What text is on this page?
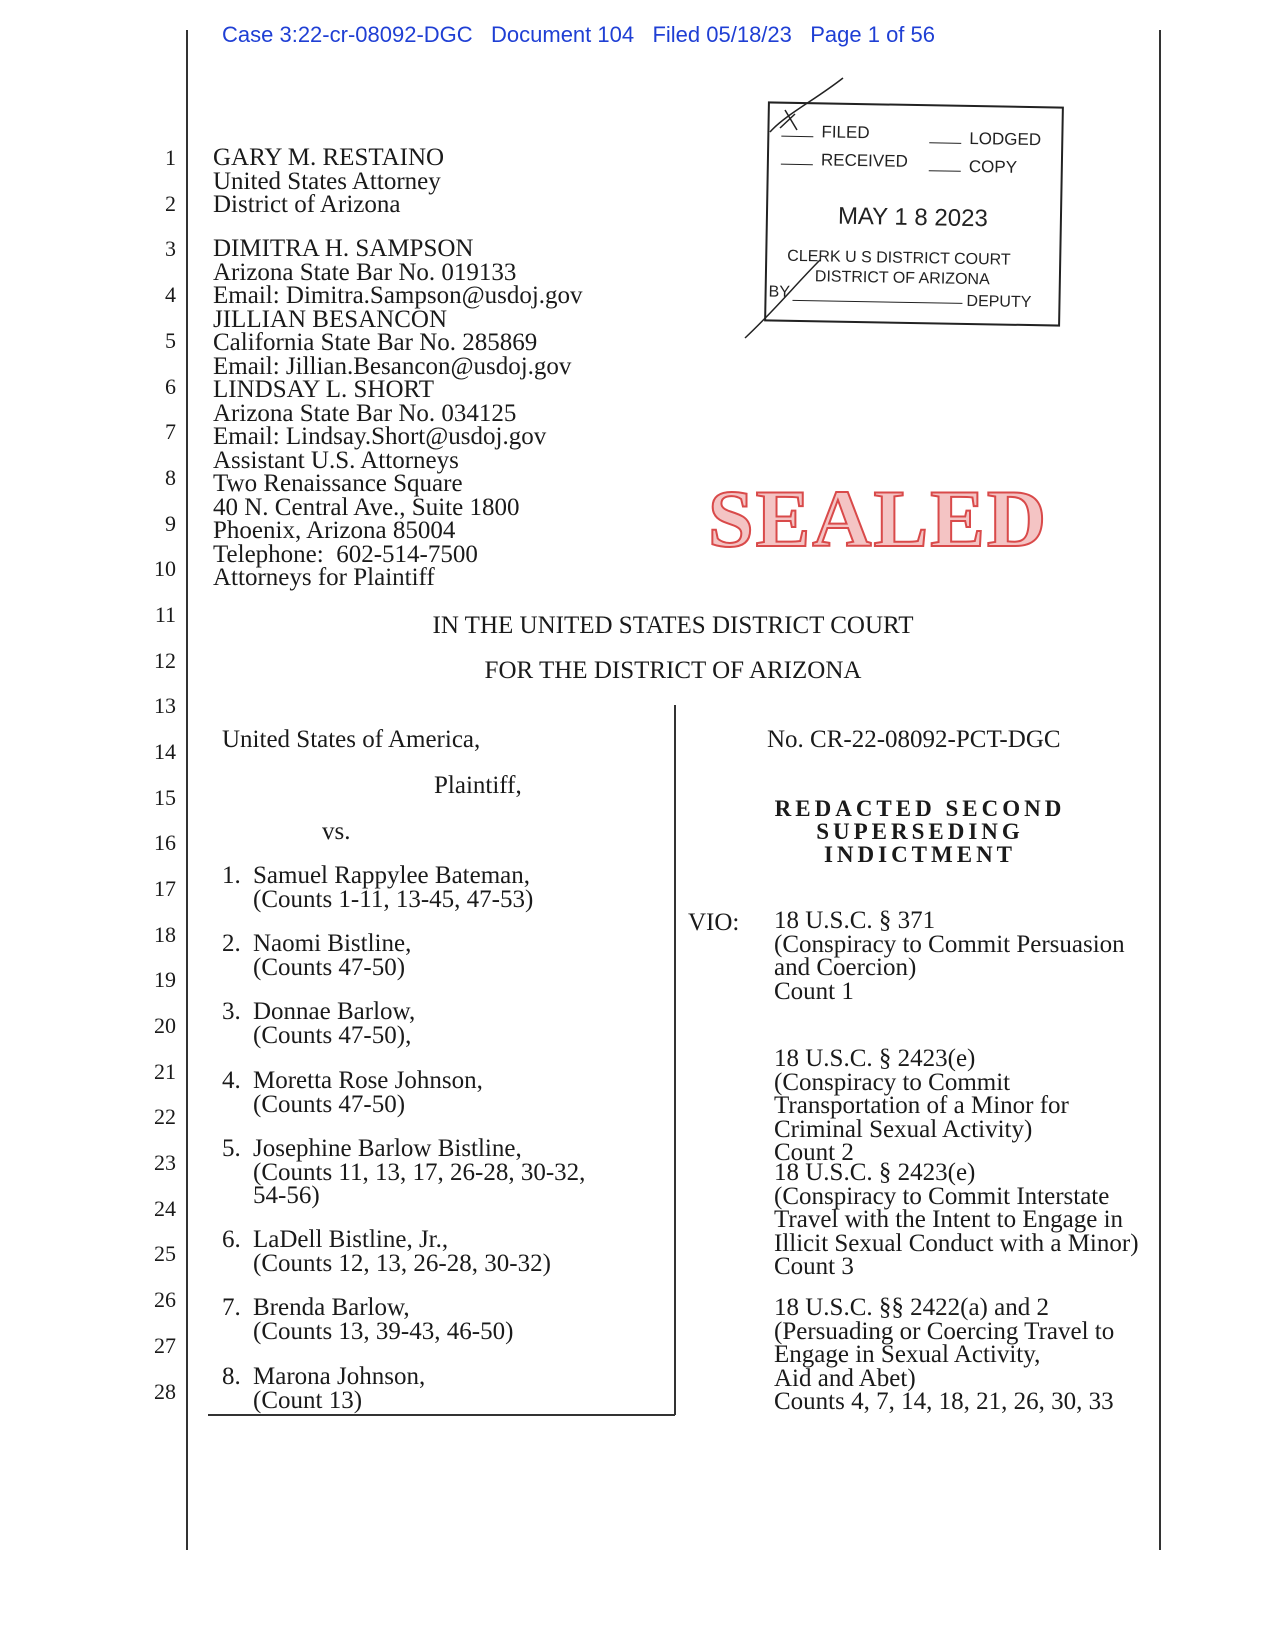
Case 3:22-cr-08092-DGC Document 104 Filed 05/18/23 Page 1 of 56
1
2
3
4
5
6
7
8
9
10
11
12
13
14
15
16
17
18
19
20
21
22
23
24
25
26
27
28
GARY M. RESTAINO
United States Attorney
District of Arizona
DIMITRA H. SAMPSON
Arizona State Bar No. 019133
Email: Dimitra.Sampson@usdoj.gov
JILLIAN BESANCON
California State Bar No. 285869
Email: Jillian.Besancon@usdoj.gov
LINDSAY L. SHORT
Arizona State Bar No. 034125
Email: Lindsay.Short@usdoj.gov
Assistant U.S. Attorneys
Two Renaissance Square
40 N. Central Ave., Suite 1800
Phoenix, Arizona 85004
Telephone:  602-514-7500
Attorneys for Plaintiff
FILED	LODGED
RECEIVED	COPY
MAY 1 8 2023
CLERK U S DISTRICT COURT
DISTRICT OF ARIZONA
BY
DEPUTY
SEALED
IN THE UNITED STATES DISTRICT COURT
FOR THE DISTRICT OF ARIZONA
United States of America,
Plaintiff,
vs.
1. Samuel Rappylee Bateman,
(Counts 1-11, 13-45, 47-53)
2. Naomi Bistline,
(Counts 47-50)
3. Donnae Barlow,
(Counts 47-50),
4. Moretta Rose Johnson,
(Counts 47-50)
5. Josephine Barlow Bistline,
(Counts 11, 13, 17, 26-28, 30-32,
54-56)
6. LaDell Bistline, Jr.,
(Counts 12, 13, 26-28, 30-32)
7. Brenda Barlow,
(Counts 13, 39-43, 46-50)
8. Marona Johnson,
(Count 13)
No. CR-22-08092-PCT-DGC
REDACTED SECOND
SUPERSEDING
INDICTMENT
VIO: 18 U.S.C. § 371
(Conspiracy to Commit Persuasion
and Coercion)
Count 1
18 U.S.C. § 2423(e)
(Conspiracy to Commit
Transportation of a Minor for
Criminal Sexual Activity)
Count 2
18 U.S.C. § 2423(e)
(Conspiracy to Commit Interstate
Travel with the Intent to Engage in
Illicit Sexual Conduct with a Minor)
Count 3
18 U.S.C. §§ 2422(a) and 2
(Persuading or Coercing Travel to
Engage in Sexual Activity,
Aid and Abet)
Counts 4, 7, 14, 18, 21, 26, 30, 33
